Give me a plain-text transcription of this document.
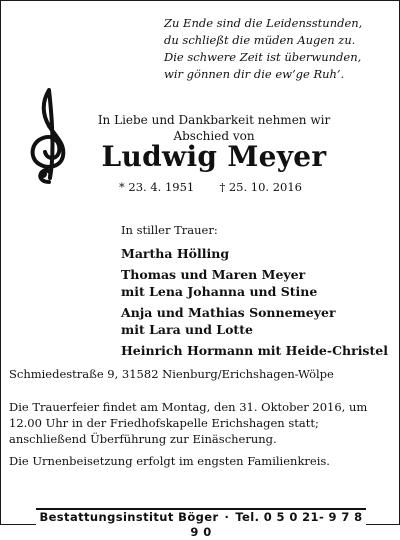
Zu Ende sind die Leidensstunden,
du schließt die müden Augen zu.
Die schwere Zeit ist überwunden,
wir gönnen dir die ew’ge Ruh’.
In Liebe und Dankbarkeit nehmen wir
Abschied von
Ludwig Meyer
* 23. 4. 1951 † 25. 10. 2016
In stiller Trauer:
Martha Hölling
Thomas und Maren Meyer
mit Lena Johanna und Stine
Anja und Mathias Sonnemeyer
mit Lara und Lotte
Heinrich Hormann mit Heide-Christel
Schmiedestraße 9, 31582 Nienburg/Erichshagen-Wölpe
Die Trauerfeier findet am Montag, den 31. Oktober 2016, um
12.00 Uhr in der Friedhofskapelle Erichshagen statt;
anschließend Überführung zur Einäscherung.
Die Urnenbeisetzung erfolgt im engsten Familienkreis.
Bestattungsinstitut Böger · Tel. 0 5 0 21- 9 7 8 9 0
